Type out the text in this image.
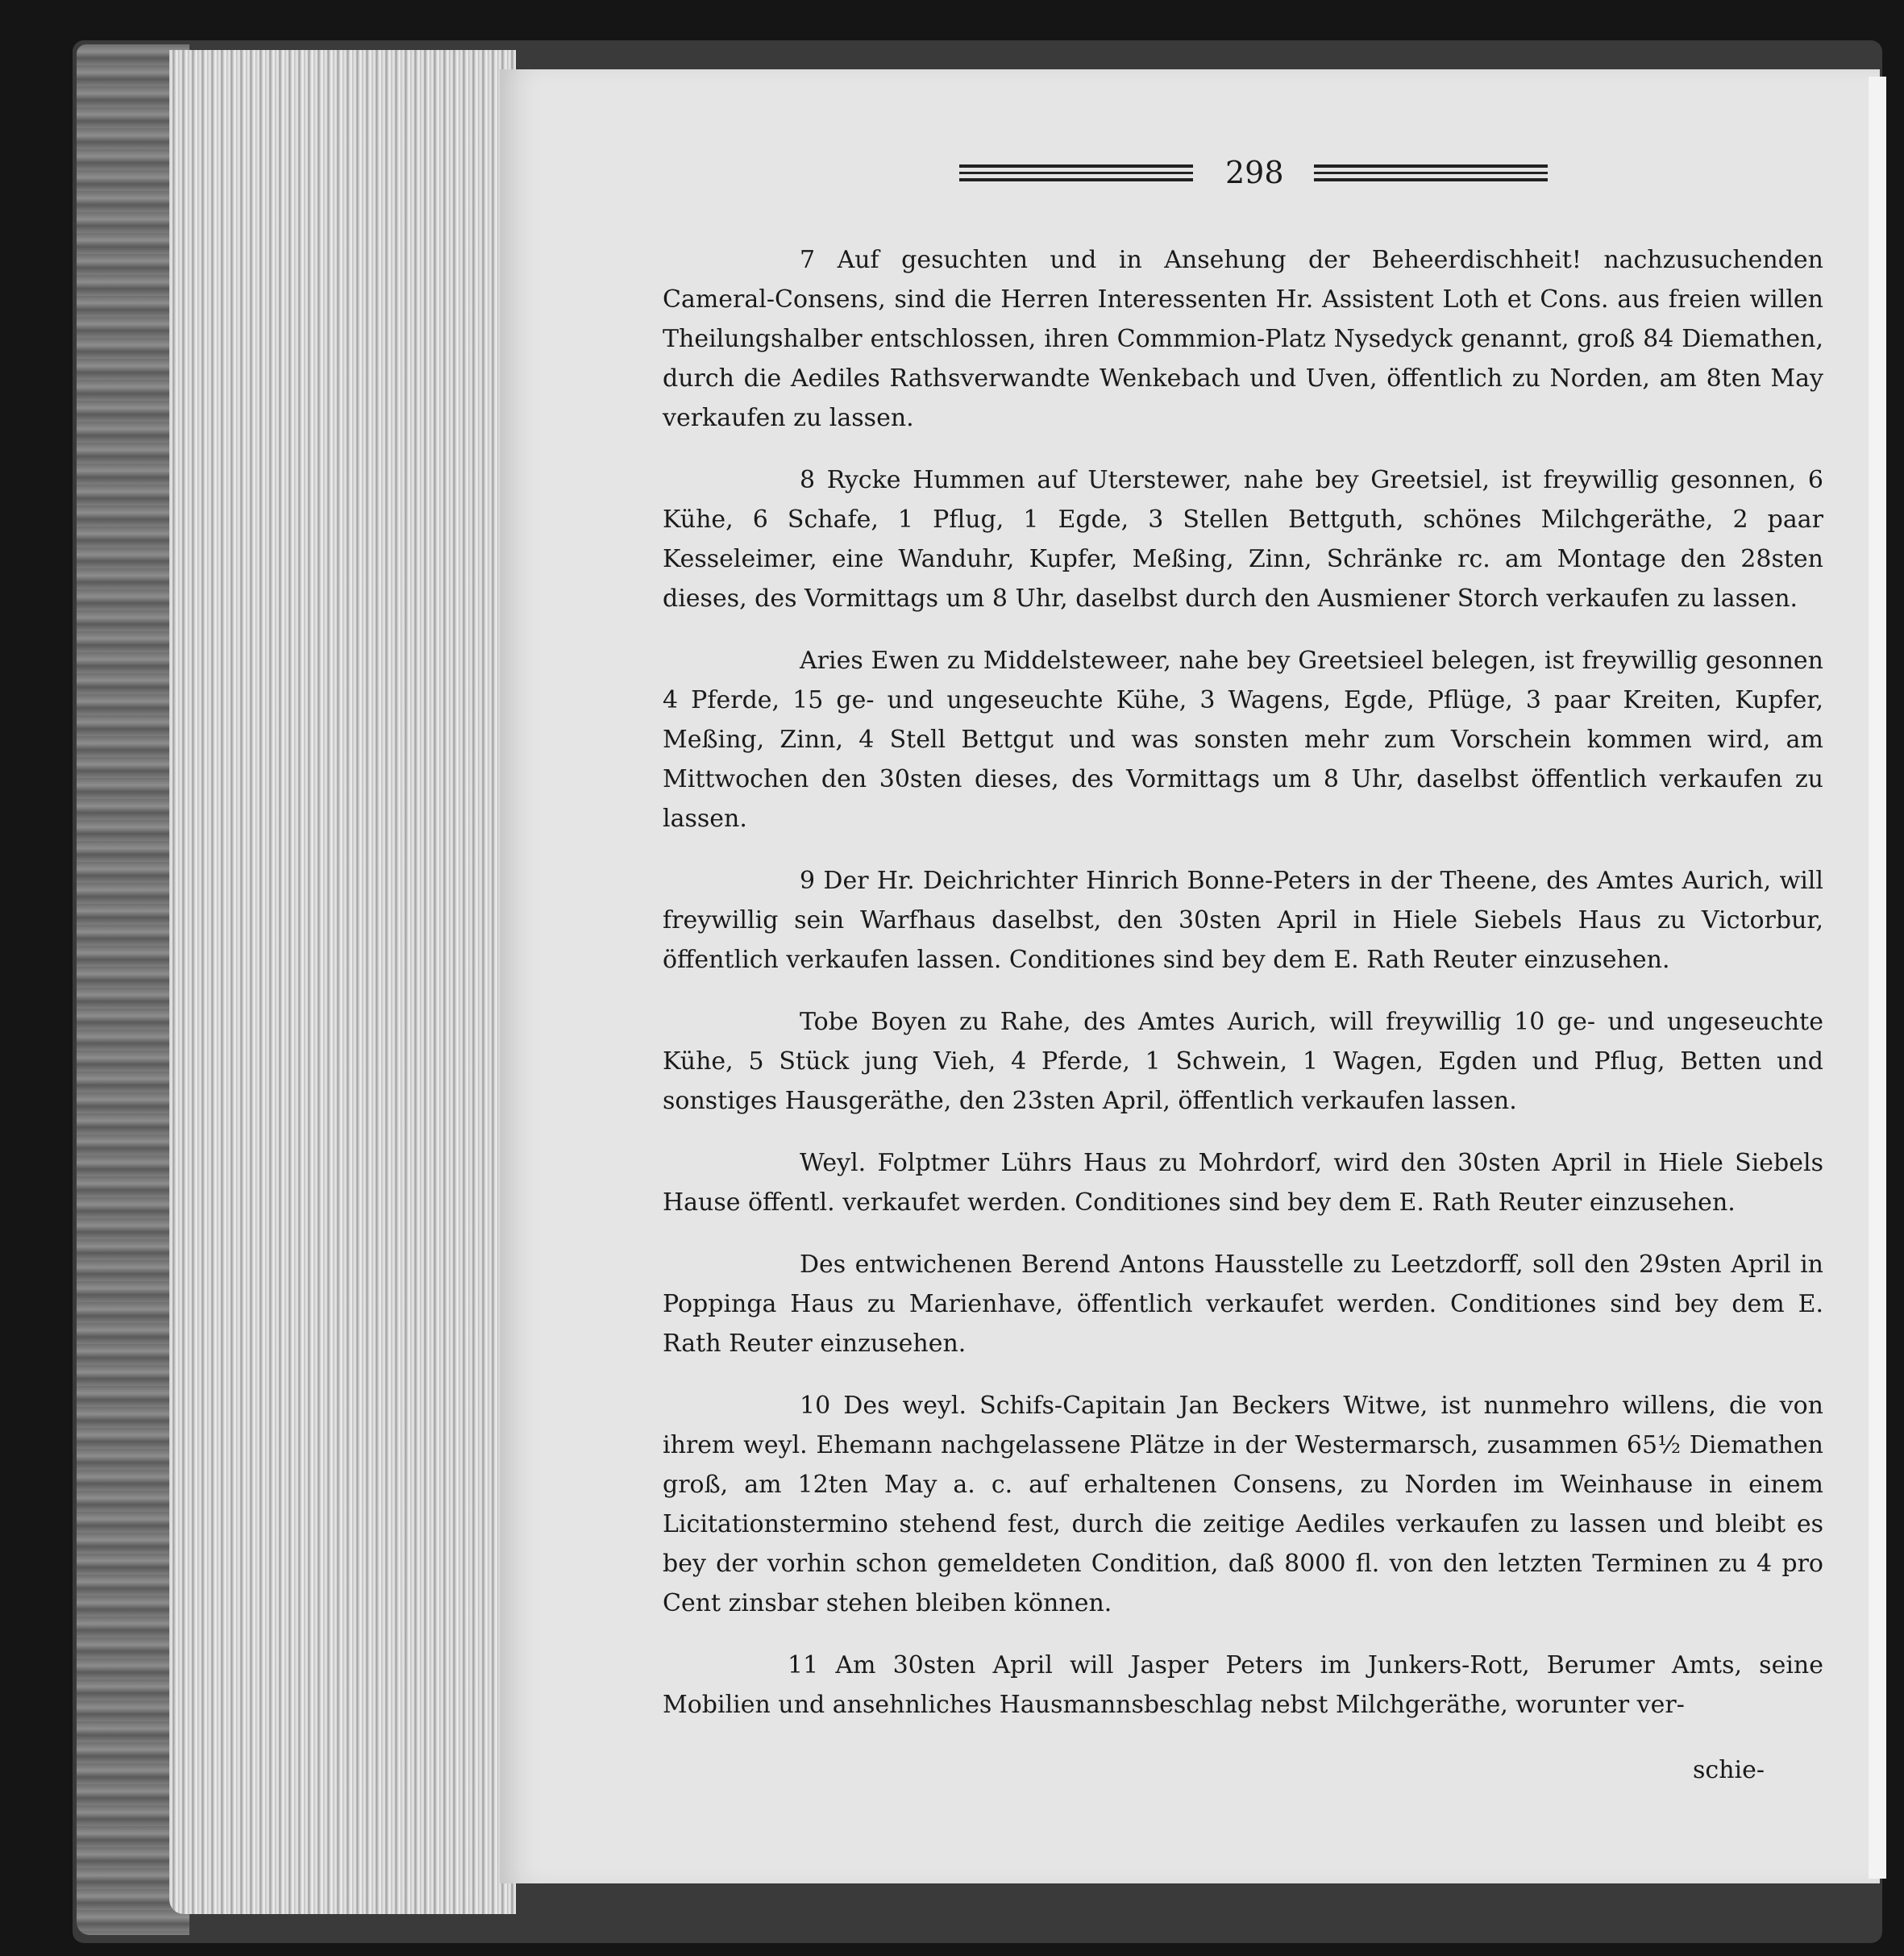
298

7 Auf gesuchten und in Ansehung der Beheerdischheit! nachzusuchenden Cameral-Consens, sind die Herren Interessenten Hr. Assistent Loth et Cons. aus freien willen Theilungshalber entschlossen, ihren Commmion-Platz Nysedyck genannt, groß 84 Diemathen, durch die Aediles Rathsverwandte Wenkebach und Uven, öffentlich zu Norden, am 8ten May verkaufen zu lassen.

8 Rycke Hummen auf Uterstewer, nahe bey Greetsiel, ist freywillig gesonnen, 6 Kühe, 6 Schafe, 1 Pflug, 1 Egde, 3 Stellen Bettguth, schönes Milchgeräthe, 2 paar Kesseleimer, eine Wanduhr, Kupfer, Meßing, Zinn, Schränke rc. am Montage den 28sten dieses, des Vormittags um 8 Uhr, daselbst durch den Ausmiener Storch verkaufen zu lassen.

Aries Ewen zu Middelsteweer, nahe bey Greetsieel belegen, ist freywillig gesonnen 4 Pferde, 15 ge- und ungeseuchte Kühe, 3 Wagens, Egde, Pflüge, 3 paar Kreiten, Kupfer, Meßing, Zinn, 4 Stell Bettgut und was sonsten mehr zum Vorschein kommen wird, am Mittwochen den 30sten dieses, des Vormittags um 8 Uhr, daselbst öffentlich verkaufen zu lassen.

9 Der Hr. Deichrichter Hinrich Bonne-Peters in der Theene, des Amtes Aurich, will freywillig sein Warfhaus daselbst, den 30sten April in Hiele Siebels Haus zu Victorbur, öffentlich verkaufen lassen. Conditiones sind bey dem E. Rath Reuter einzusehen.

Tobe Boyen zu Rahe, des Amtes Aurich, will freywillig 10 ge- und ungeseuchte Kühe, 5 Stück jung Vieh, 4 Pferde, 1 Schwein, 1 Wagen, Egden und Pflug, Betten und sonstiges Hausgeräthe, den 23sten April, öffentlich verkaufen lassen.

Weyl. Folptmer Lührs Haus zu Mohrdorf, wird den 30sten April in Hiele Siebels Hause öffentl. verkaufet werden. Conditiones sind bey dem E. Rath Reuter einzusehen.

Des entwichenen Berend Antons Hausstelle zu Leetzdorff, soll den 29sten April in Poppinga Haus zu Marienhave, öffentlich verkaufet werden. Conditiones sind bey dem E. Rath Reuter einzusehen.

10 Des weyl. Schifs-Capitain Jan Beckers Witwe, ist nunmehro willens, die von ihrem weyl. Ehemann nachgelassene Plätze in der Westermarsch, zusammen 65½ Diemathen groß, am 12ten May a. c. auf erhaltenen Consens, zu Norden im Weinhause in einem Licitationstermino stehend fest, durch die zeitige Aediles verkaufen zu lassen und bleibt es bey der vorhin schon gemeldeten Condition, daß 8000 fl. von den letzten Terminen zu 4 pro Cent zinsbar stehen bleiben können.

11 Am 30sten April will Jasper Peters im Junkers-Rott, Berumer Amts, seine Mobilien und ansehnliches Hausmannsbeschlag nebst Milchgeräthe, worunter ver-

schie-
